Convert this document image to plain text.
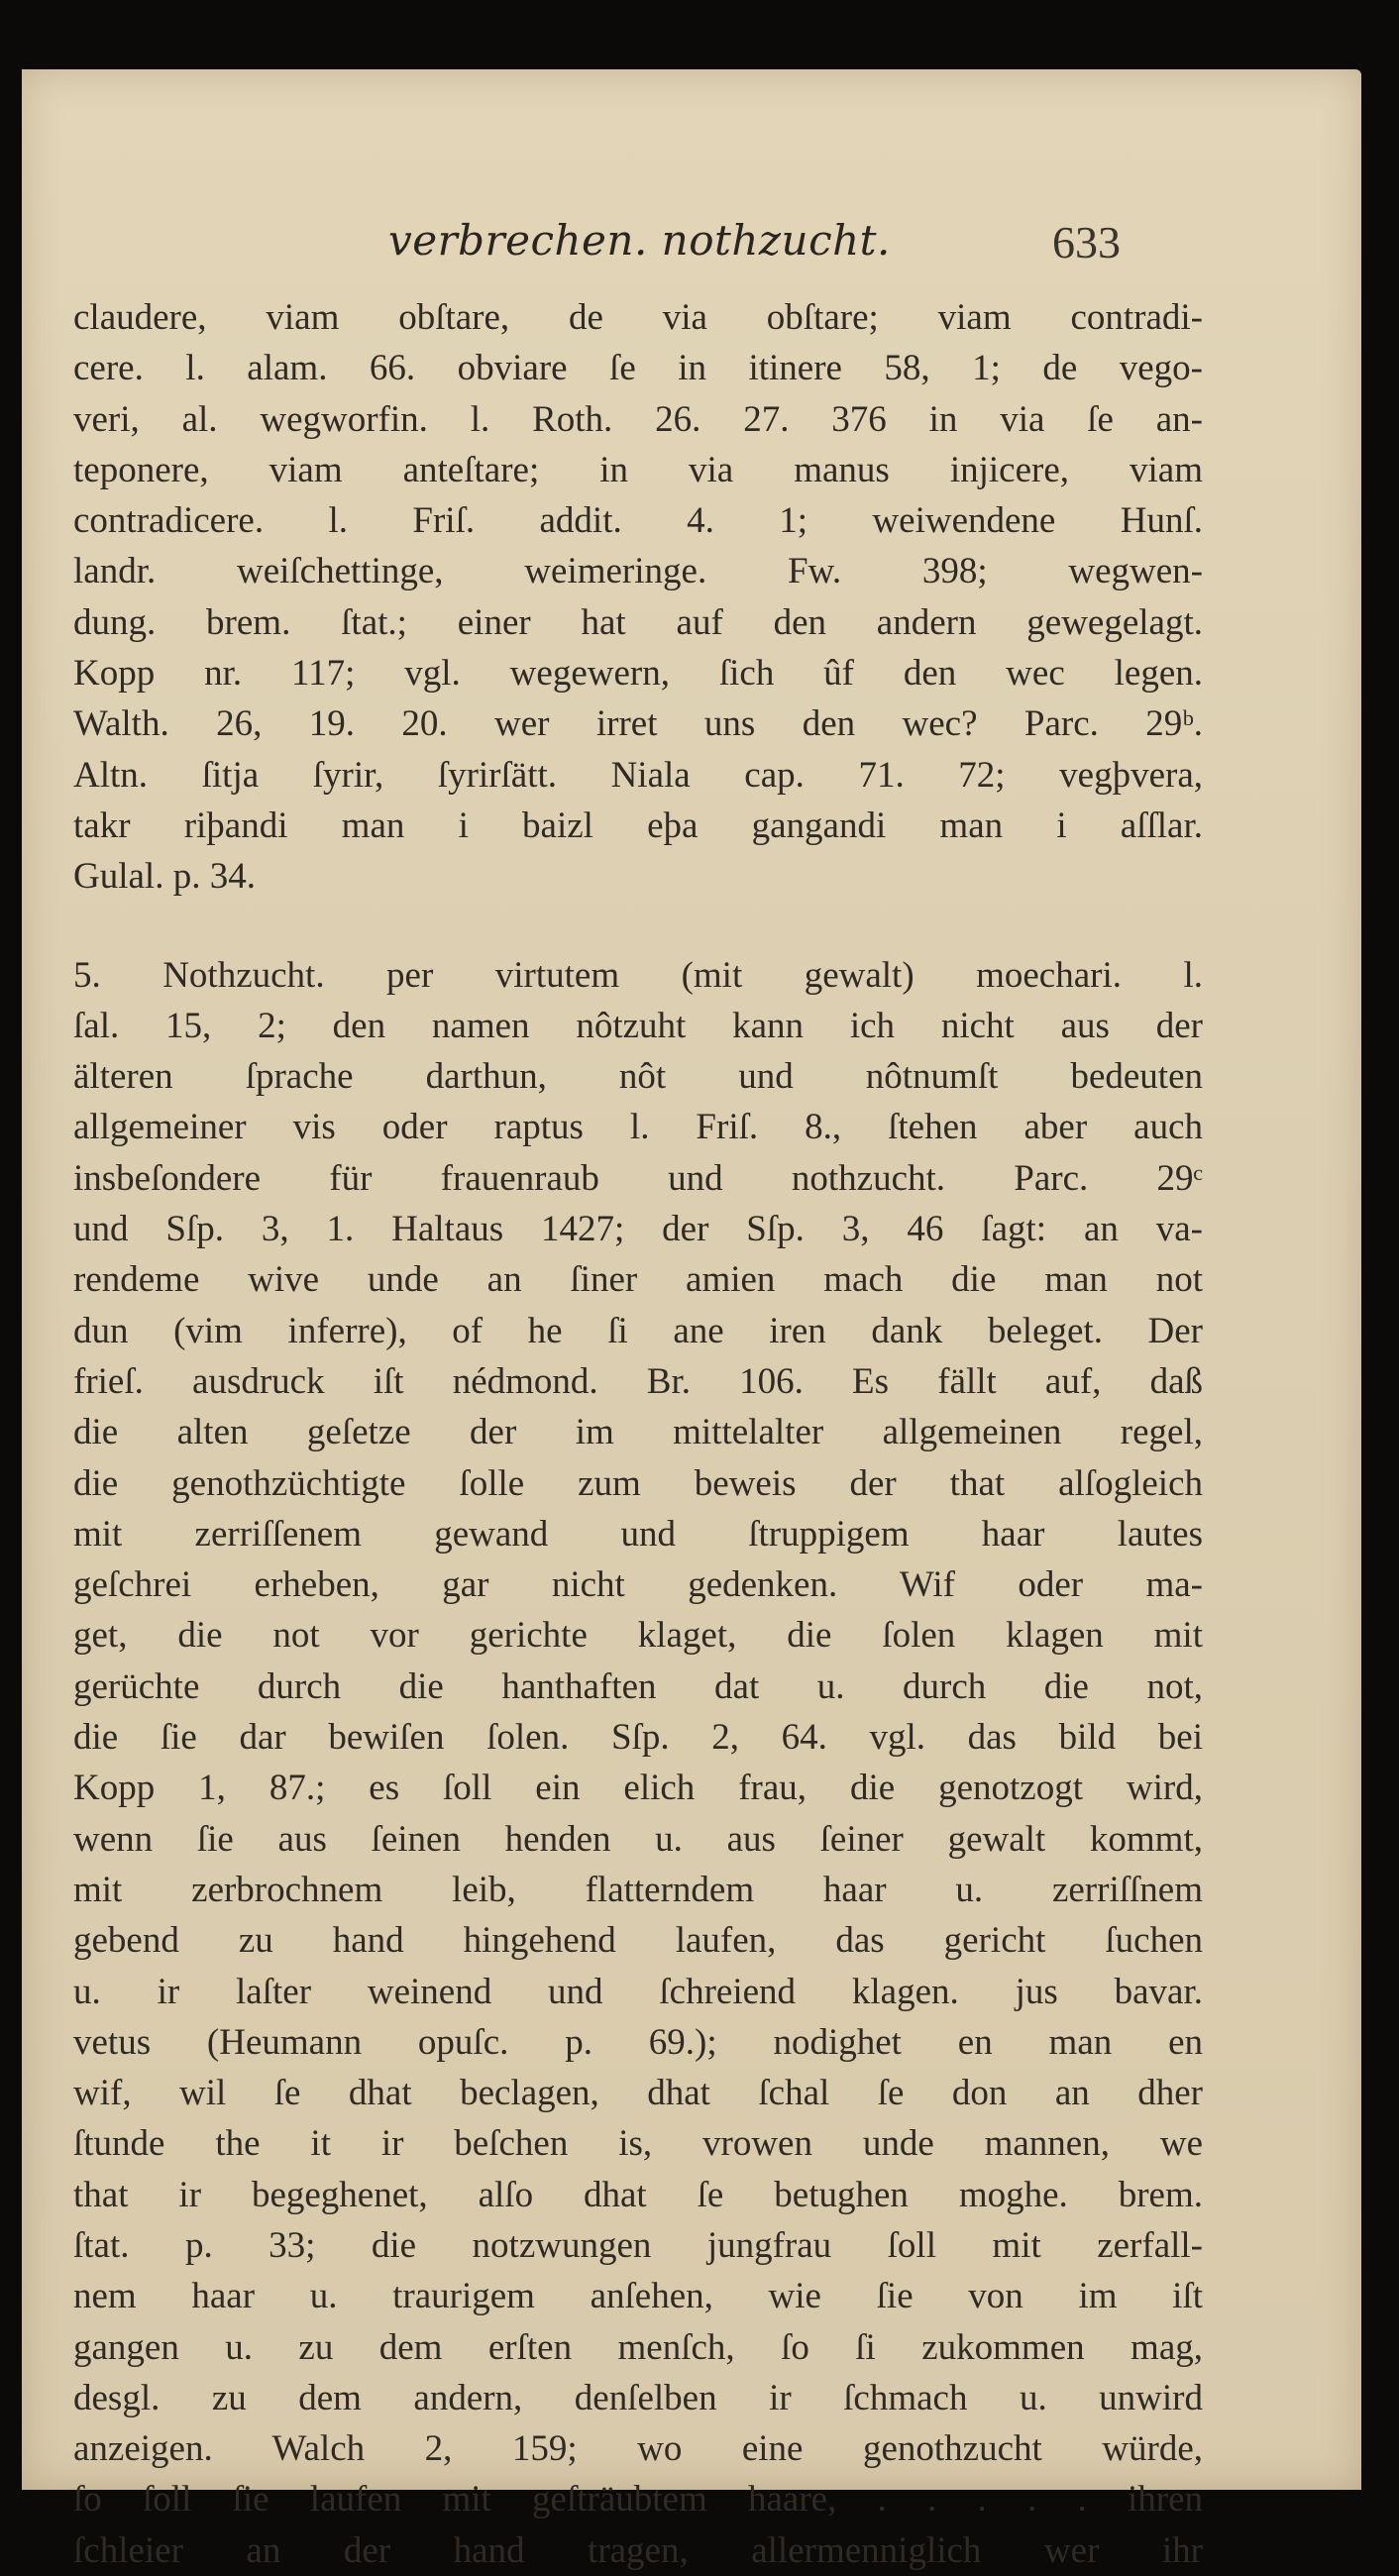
verbrechen. nothzucht.	633
claudere, viam obſtare, de via obſtare; viam contradi-
cere. l. alam. 66. obviare ſe in itinere 58, 1; de vego-
veri, al. wegworfin. l. Roth. 26. 27. 376 in via ſe an-
teponere, viam anteſtare; in via manus injicere, viam
contradicere. l. Friſ. addit. 4. 1; weiwendene Hunſ.
landr. weiſchettinge, weimeringe. Fw. 398; wegwen-
dung. brem. ſtat.; einer hat auf den andern gewegelagt.
Kopp nr. 117; vgl. wegewern, ſich ûf den wec legen.
Walth. 26, 19. 20. wer irret uns den wec? Parc. 29ᵇ.
Altn. ſitja ſyrir, ſyrirſätt. Niala cap. 71. 72; vegþvera,
takr riþandi man i baizl eþa gangandi man i aſſlar.
Gulal. p. 34.
5. Nothzucht. per virtutem (mit gewalt) moechari. l.
ſal. 15, 2; den namen nôtzuht kann ich nicht aus der
älteren ſprache darthun, nôt und nôtnumſt bedeuten
allgemeiner vis oder raptus l. Friſ. 8., ſtehen aber auch
insbeſondere für frauenraub und nothzucht. Parc. 29ᶜ
und Sſp. 3, 1. Haltaus 1427; der Sſp. 3, 46 ſagt: an va-
rendeme wive unde an ſiner amien mach die man not
dun (vim inferre), of he ſi ane iren dank beleget. Der
frieſ. ausdruck iſt nédmond. Br. 106. Es fällt auf, daß
die alten geſetze der im mittelalter allgemeinen regel,
die genothzüchtigte ſolle zum beweis der that alſogleich
mit zerriſſenem gewand und ſtruppigem haar lautes
geſchrei erheben, gar nicht gedenken. Wif oder ma-
get, die not vor gerichte klaget, die ſolen klagen mit
gerüchte durch die hanthaften dat u. durch die not,
die ſie dar bewiſen ſolen. Sſp. 2, 64. vgl. das bild bei
Kopp 1, 87.; es ſoll ein elich frau, die genotzogt wird,
wenn ſie aus ſeinen henden u. aus ſeiner gewalt kommt,
mit zerbrochnem leib, flatterndem haar u. zerriſſnem
gebend zu hand hingehend laufen, das gericht ſuchen
u. ir laſter weinend und ſchreiend klagen. jus bavar.
vetus (Heumann opuſc. p. 69.); nodighet en man en
wif, wil ſe dhat beclagen, dhat ſchal ſe don an dher
ſtunde the it ir beſchen is, vrowen unde mannen, we
that ir begeghenet, alſo dhat ſe betughen moghe. brem.
ſtat. p. 33; die notzwungen jungfrau ſoll mit zerfall-
nem haar u. traurigem anſehen, wie ſie von im iſt
gangen u. zu dem erſten menſch, ſo ſi zukommen mag,
desgl. zu dem andern, denſelben ir ſchmach u. unwird
anzeigen. Walch 2, 159; wo eine genothzucht würde,
ſo ſoll ſie laufen mit geſträubtem haare, . . . . . ihren
ſchleier an der hand tragen, allermenniglich wer ihr
